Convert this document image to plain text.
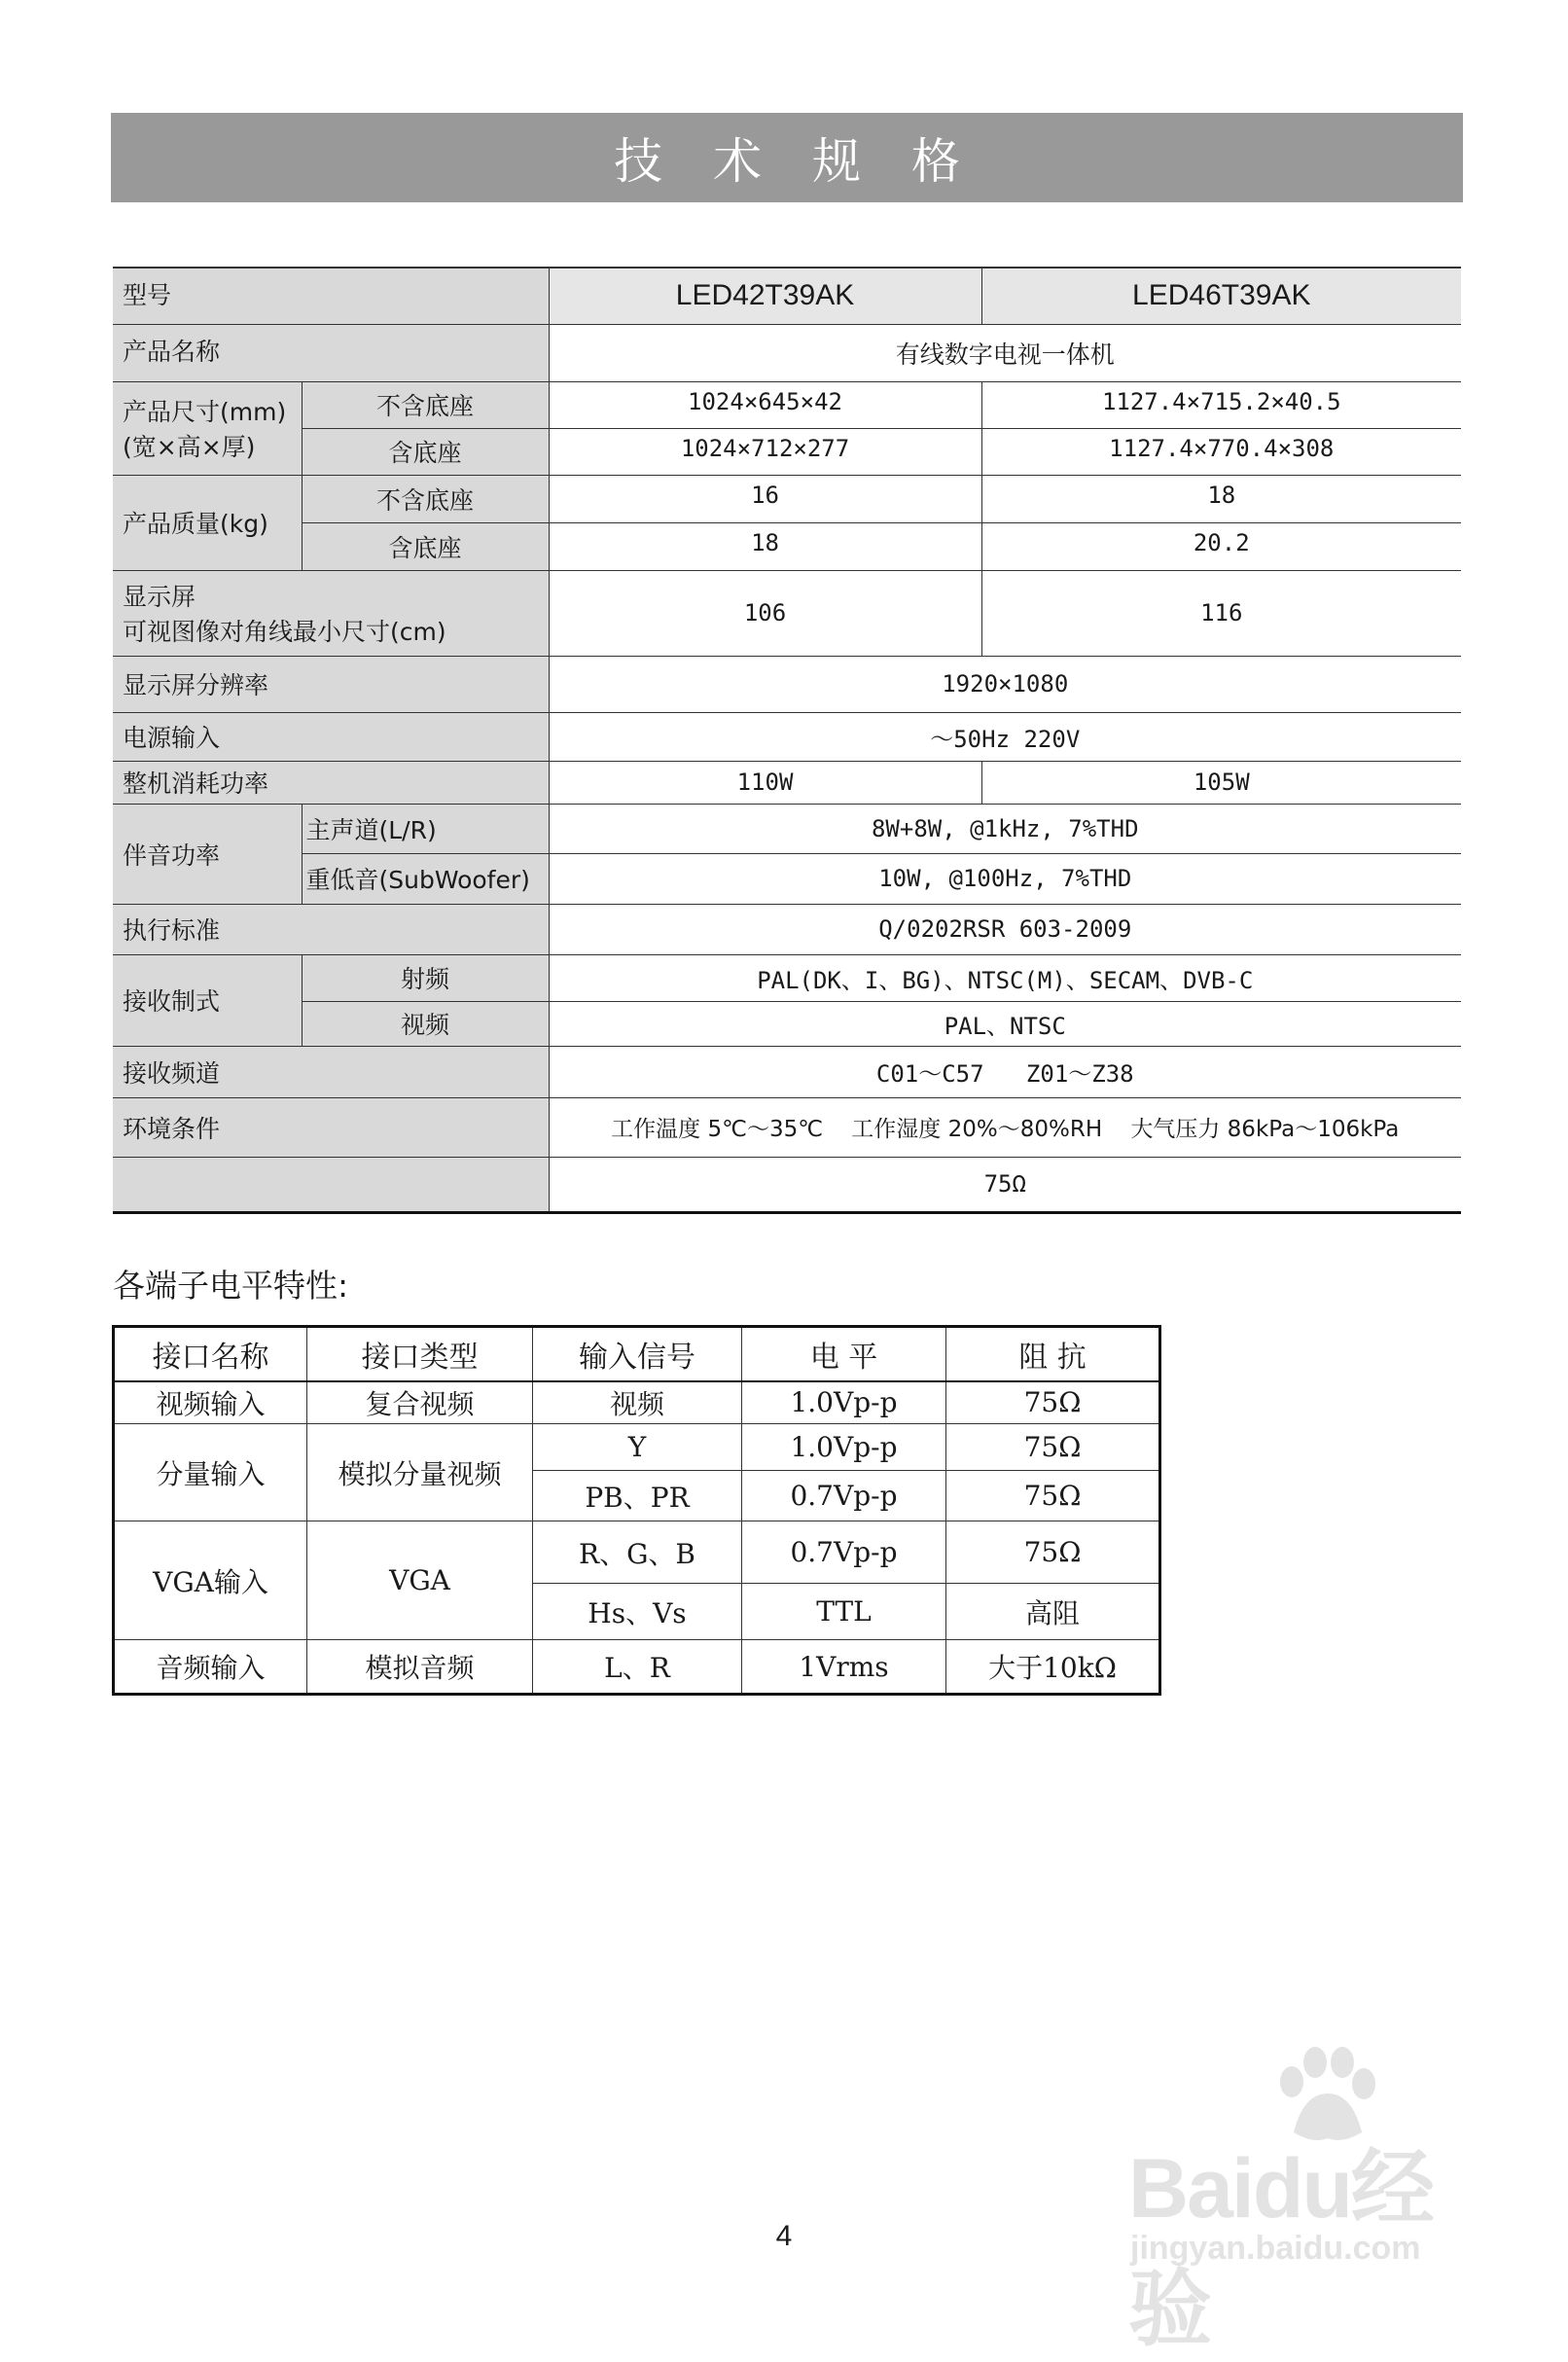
技 术 规 格
型号		LED42T39AK	LED46T39AK
产品名称		有线数字电视一体机	

产品尺寸(mm)
(宽×高×厚)	不含底座	1024×645×42	1127.4×715.2×40.5
	含底座	1024×712×277	1127.4×770.4×308
产品质量(kg)	不含底座	16	18
	含底座	18	20.2

显示屏
可视图像对角线最小尺寸(cm)		106	116
显示屏分辨率		1920×1080	
电源输入		～50Hz 220V	
整机消耗功率		110W	105W
伴音功率	主声道(L/R)	8W+8W, @1kHz, 7%THD	
	重低音(SubWoofer)	10W, @100Hz, 7%THD	
执行标准		Q/0202RSR 603-2009	
接收制式	射频	PAL(DK、I、BG)、NTSC(M)、SECAM、DVB-C	
	视频	PAL、NTSC	
接收频道		C01～C57   Z01～Z38	
环境条件		工作温度 5℃～35℃    工作湿度 20%～80%RH    大气压力 86kPa～106kPa	
		75Ω	
各端子电平特性:
接口名称	接口类型	输入信号	电 平	阻 抗
视频输入	复合视频	视频	1.0Vp-p	75Ω
分量输入	模拟分量视频	Y	1.0Vp-p	75Ω
		PB、PR	0.7Vp-p	75Ω
VGA输入	VGA	R、G、B	0.7Vp-p	75Ω
		Hs、Vs	TTL	高阻
音频输入	模拟音频	L、R	1Vrms	大于10kΩ
Baidu经验
jingyan.baidu.com
4
